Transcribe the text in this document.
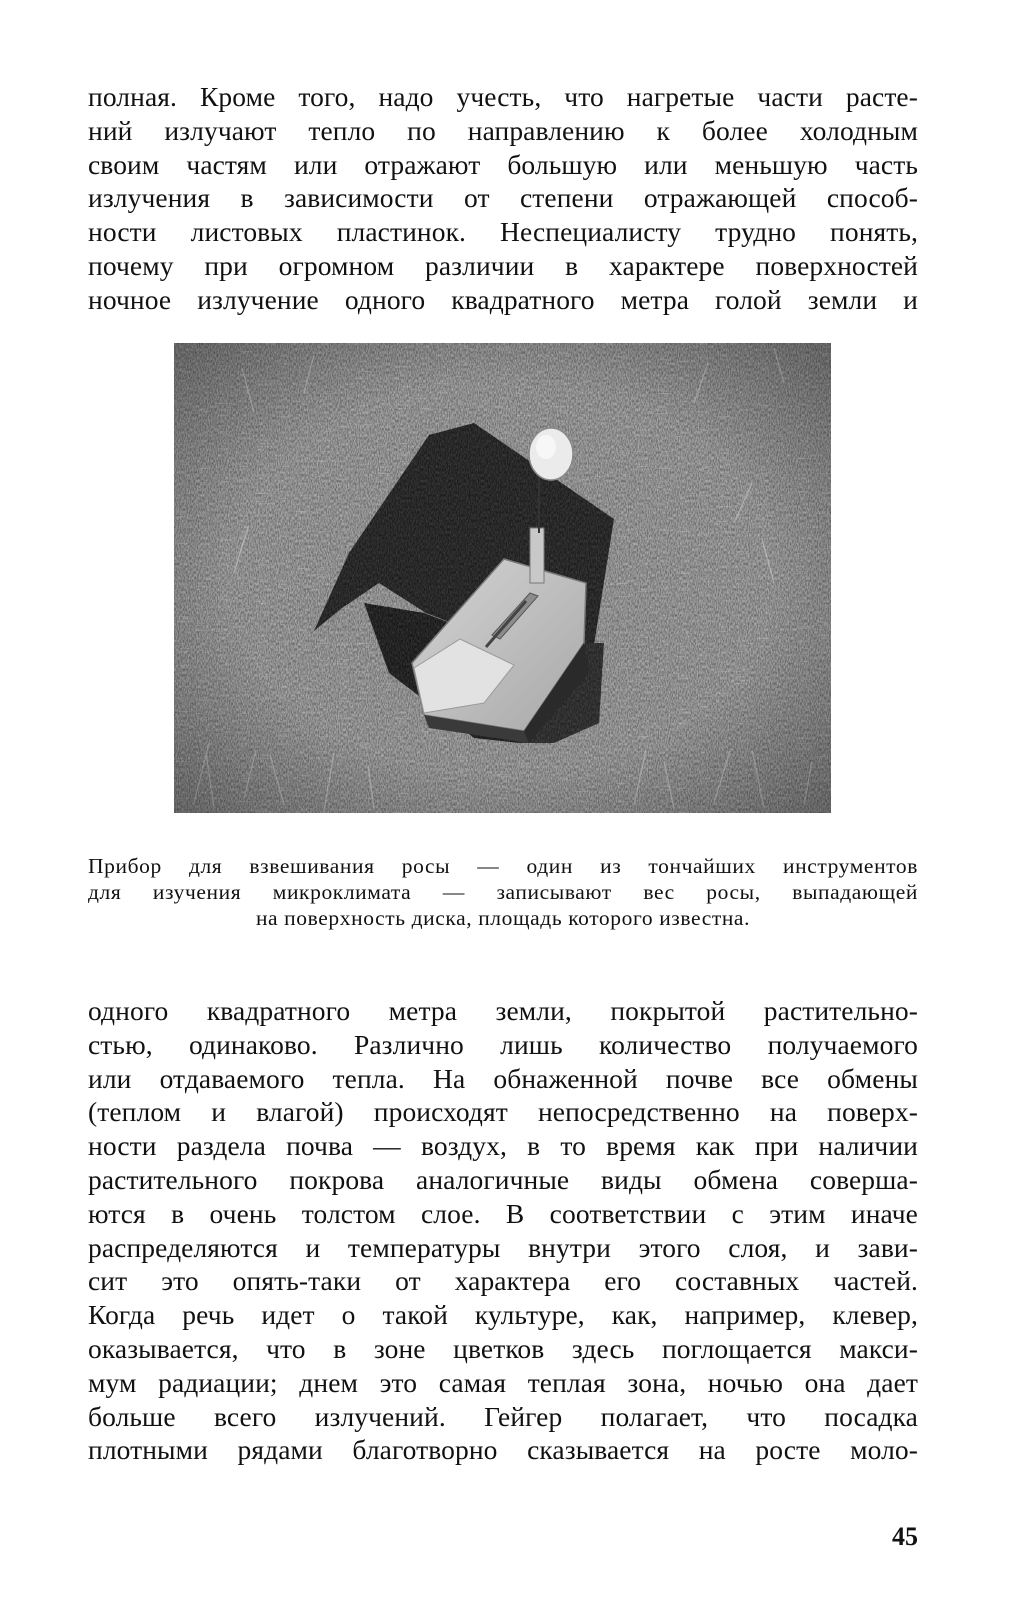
полная. Кроме того, надо учесть, что нагретые части расте-
ний излучают тепло по направлению к более холодным
своим частям или отражают большую или меньшую часть
излучения в зависимости от степени отражающей способ-
ности листовых пластинок. Неспециалисту трудно понять,
почему при огромном различии в характере поверхностей
ночное излучение одного квадратного метра голой земли и
Прибор для взвешивания росы — один из тончайших инструментов
для изучения микроклимата — записывают вес росы, выпадающей
на поверхность диска, площадь которого известна.
одного квадратного метра земли, покрытой растительно-
стью, одинаково. Различно лишь количество получаемого
или отдаваемого тепла. На обнаженной почве все обмены
(теплом и влагой) происходят непосредственно на поверх-
ности раздела почва — воздух, в то время как при наличии
растительного покрова аналогичные виды обмена соверша-
ются в очень толстом слое. В соответствии с этим иначе
распределяются и температуры внутри этого слоя, и зави-
сит это опять-таки от характера его составных частей.
Когда речь идет о такой культуре, как, например, клевер,
оказывается, что в зоне цветков здесь поглощается макси-
мум радиации; днем это самая теплая зона, ночью она дает
больше всего излучений. Гейгер полагает, что посадка
плотными рядами благотворно сказывается на росте моло-
45
